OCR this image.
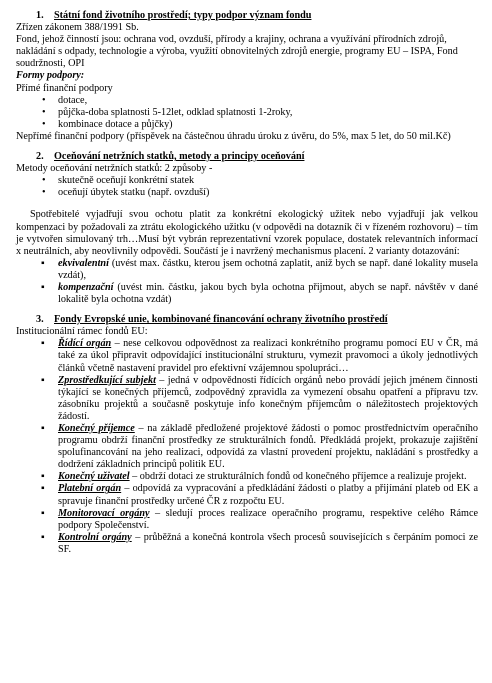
1. Státní fond životního prostředí; typy podpor význam fondu

Zřízen zákonem 388/1991 Sb.

Fond, jehož činností jsou: ochrana vod, ovzduší, přírody a krajiny, ochrana a využívání přírodních zdrojů, nakládání s odpady, technologie a výroba, využití obnovitelných zdrojů energie, programy EU – ISPA, Fond soudržnosti, OPI

Formy podpory:

Přímé finanční podpory

• dotace,
• půjčka-doba splatnosti 5-12let, odklad splatnosti 1-2roky,
• kombinace dotace a půjčky)

Nepřímé finanční podpory (příspěvek na částečnou úhradu úroku z úvěru, do 5%, max 5 let, do 50 mil.Kč)

2. Oceňování netržních statků, metody a principy oceňování

Metody oceňování netržních statků: 2 způsoby -

• skutečně oceňují konkrétní statek
• oceňují úbytek statku (např. ovzduší)

Spotřebitelé vyjadřují svou ochotu platit za konkrétní ekologický užitek nebo vyjadřují jak velkou kompenzaci by požadovali za ztrátu ekologického užitku (v odpovědi na dotazník či v řízeném rozhovoru) – tím je vytvořen simulovaný trh…Musí být vybrán reprezentativní vzorek populace, dostatek relevantních informací x neutrálních, aby neovlivnily odpovědi. Součástí je i navržený mechanismus placení. 2 varianty dotazování:

▪ ekvivalentní (uvést max. částku, kterou jsem ochotná zaplatit, aniž bych se např. dané lokality musela vzdát),
▪ kompenzační (uvést min. částku, jakou bych byla ochotna přijmout, abych se např. návštěv v dané lokalitě byla ochotna vzdát)
3. Fondy Evropské unie, kombinované financování ochrany životního prostředí

Institucionální rámec fondů EU:

▪ Řídící orgán – nese celkovou odpovědnost za realizaci konkrétního programu pomocí EU v ČR, má také za úkol připravit odpovídající institucionální strukturu, vymezit pravomoci a úkoly jednotlivých článků včetně nastavení pravidel pro efektivní vzájemnou spolupráci…
▪ Zprostředkující subjekt – jedná v odpovědnosti řídících orgánů nebo provádí jejich jménem činnosti týkající se konečných příjemců, zodpovědný zpravidla za vymezení obsahu opatření a přípravu tzv. zásobníku projektů a současně poskytuje info konečným příjemcům o náležitostech projektových žádostí.
▪ Konečný příjemce – na základě předložené projektové žádosti o pomoc prostřednictvím operačního programu obdrží finanční prostředky ze strukturálních fondů. Předkládá projekt, prokazuje zajištění spolufinancování na jeho realizaci, odpovídá za vlastní provedení projektu, nakládání s prostředky a dodržení základních principů politik EU.
▪ Konečný uživatel – obdrží dotaci ze strukturálních fondů od konečného příjemce a realizuje projekt.
▪ Platební orgán – odpovídá za vypracování a předkládání žádosti o platby a přijímání plateb od EK a spravuje finanční prostředky určené ČR z rozpočtu EU.
▪ Monitorovací orgány – sledují proces realizace operačního programu, respektive celého Rámce podpory Společenství.
▪ Kontrolní orgány – průběžná a konečná kontrola všech procesů souvisejících s čerpáním pomoci ze SF.
